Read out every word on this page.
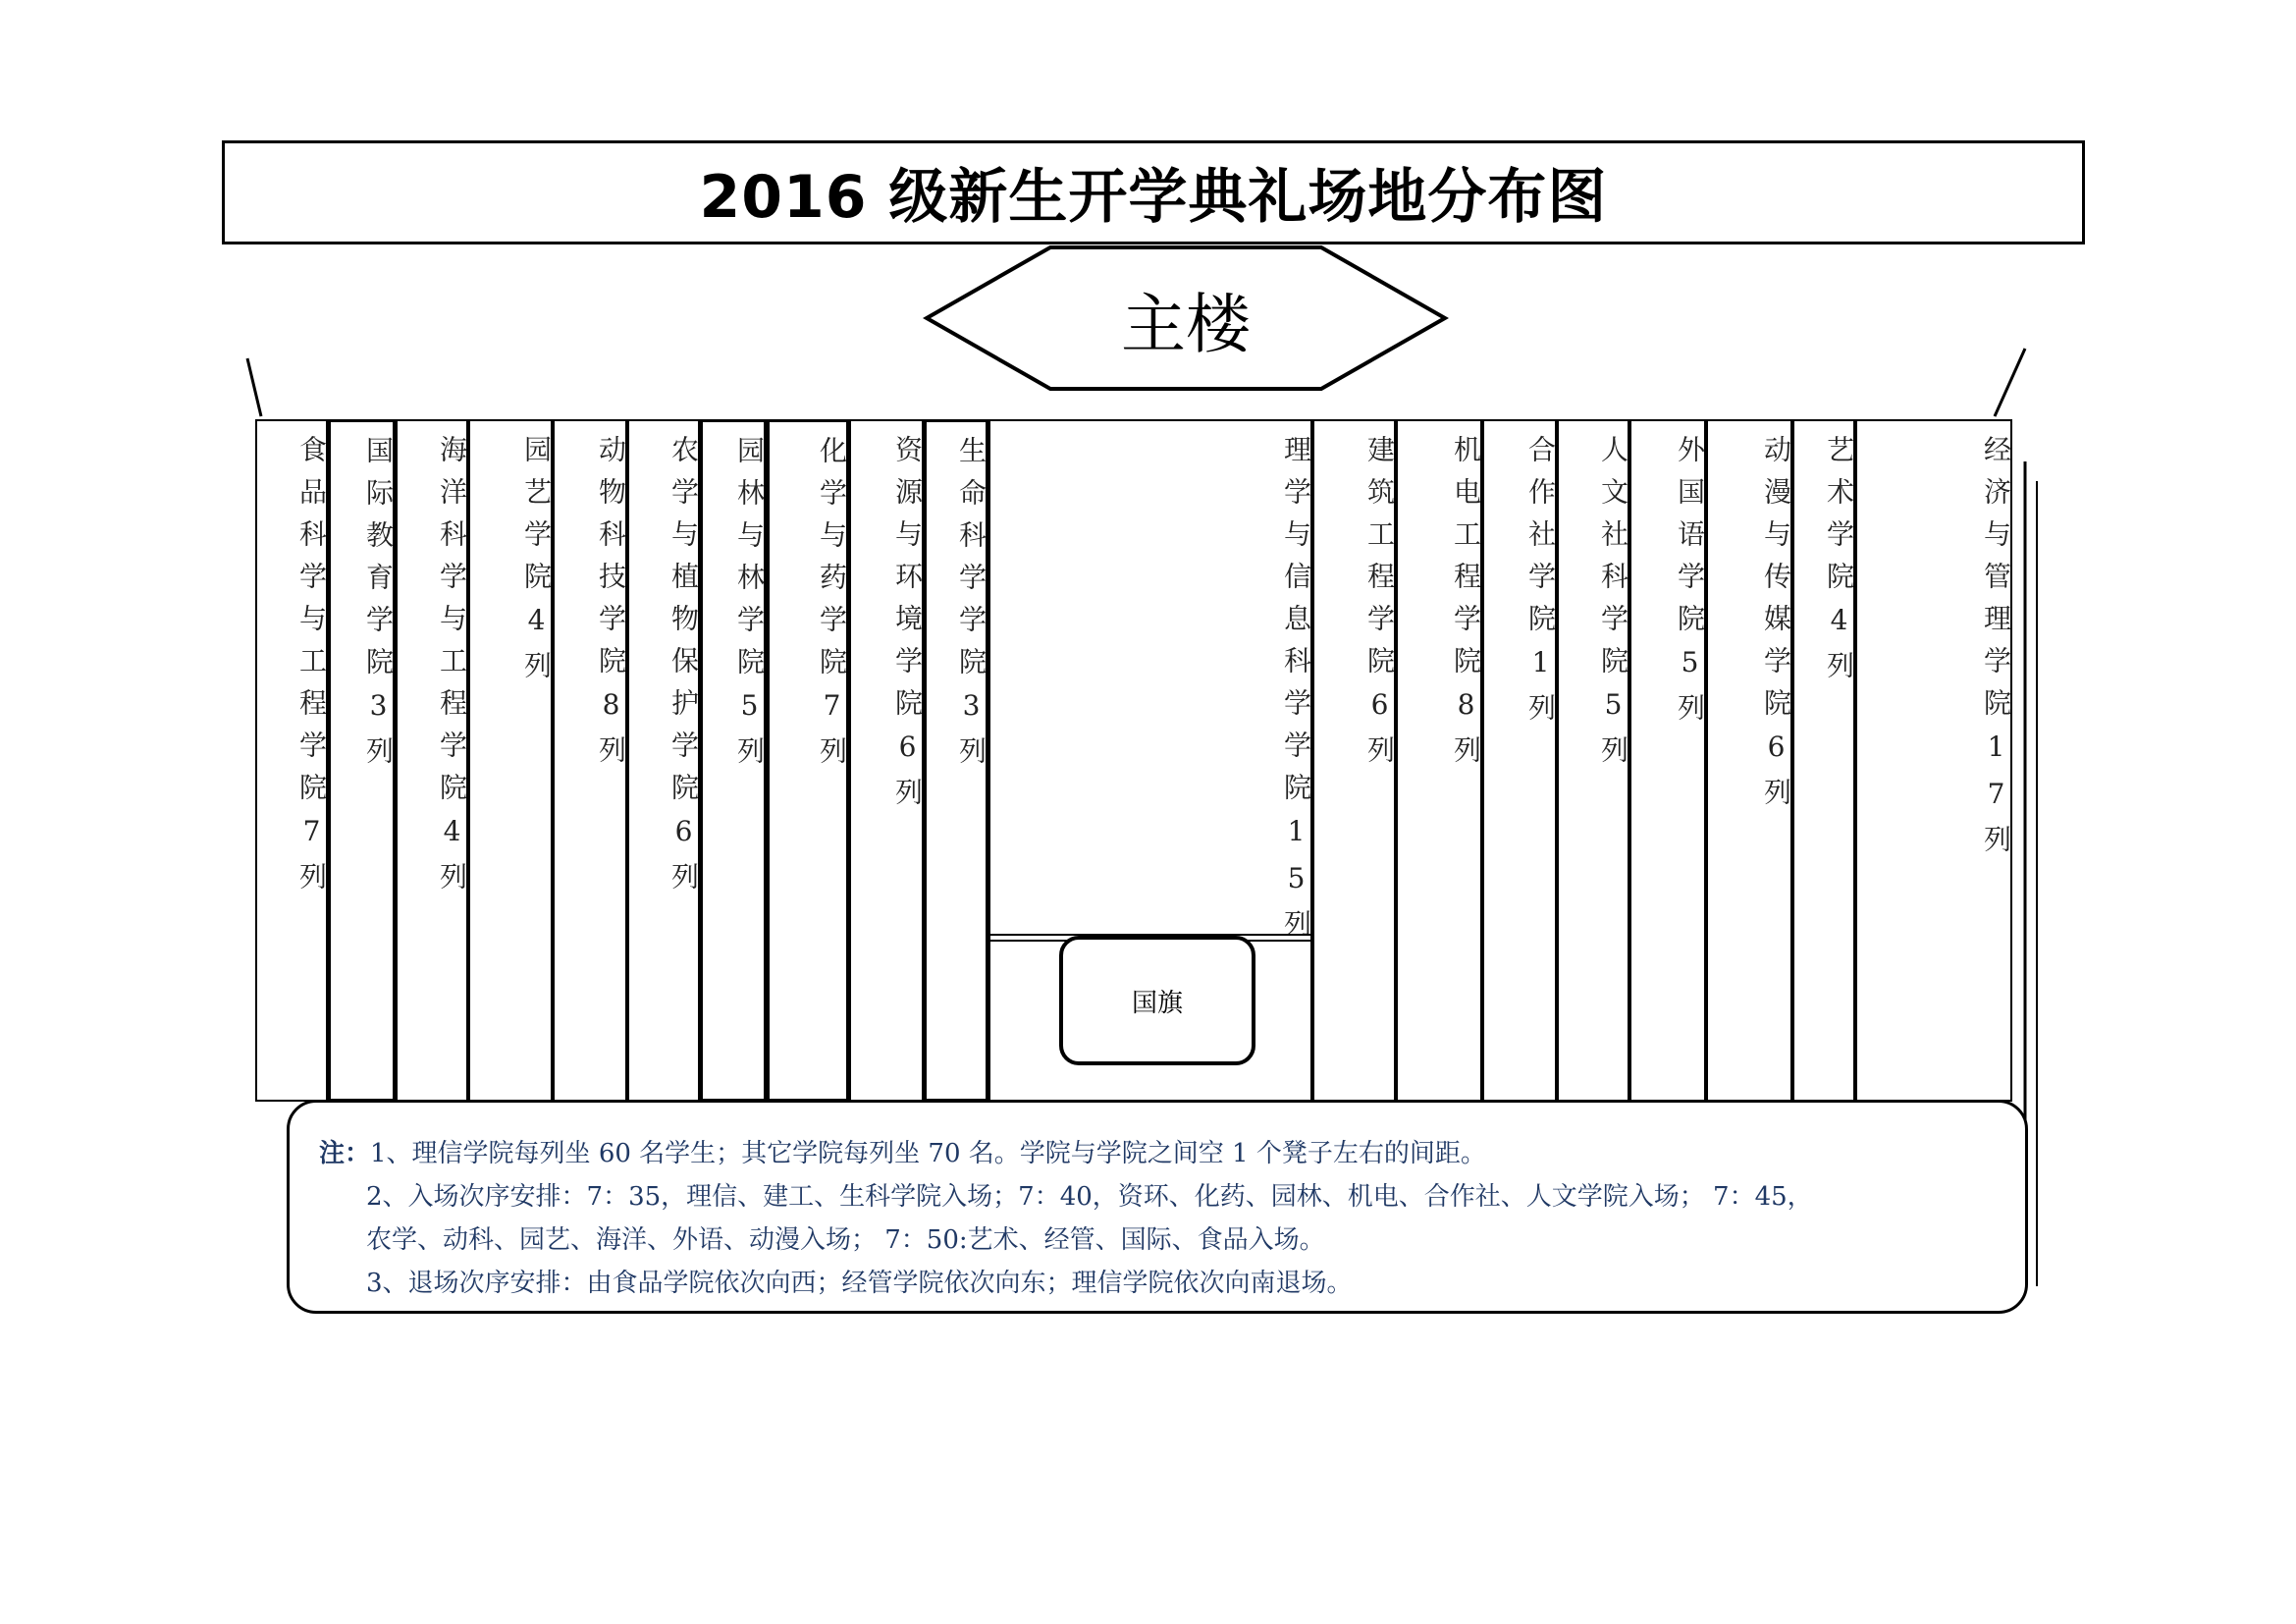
2016 级新生开学典礼场地分布图
主楼
食品科学与工程学院7列	国际教育学院3列	海洋科学与工程学院4列	园艺学院4列	动物科技学院8列	农学与植物保护学院6列	园林与林学院5列	化学与药学院7列	资源与环境学院6列	生命科学学院3列	理学与信息科学学院15列
国旗
建筑工程学院6列	机电工程学院8列	合作社学院1列	人文社科学院5列	外国语学院5列	动漫与传媒学院6列	艺术学院4列	经济与管理学院17列
注：1、理信学院每列坐 60 名学生；其它学院每列坐 70 名。学院与学院之间空 1 个凳子左右的间距。
2、入场次序安排：7：35，理信、建工、生科学院入场；7：40，资环、化药、园林、机电、合作社、人文学院入场； 7：45，
农学、动科、园艺、海洋、外语、动漫入场； 7：50:艺术、经管、国际、食品入场。
3、退场次序安排：由食品学院依次向西；经管学院依次向东；理信学院依次向南退场。
